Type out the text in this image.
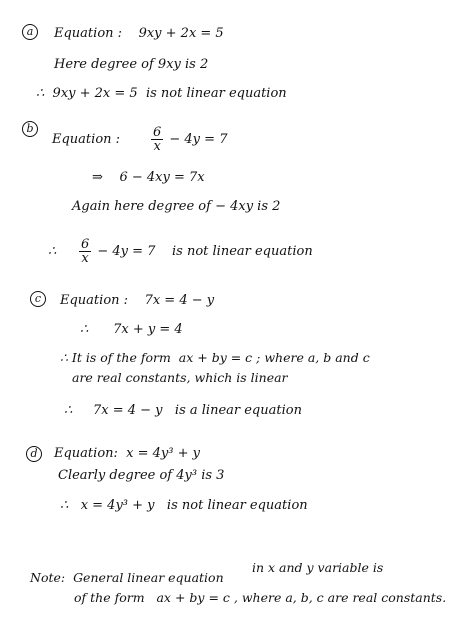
a	Equation : 9xy + 2x = 5
Here degree of 9xy is 2
∴ 9xy + 2x = 5 is not linear equation
b
Equation : $\frac{6}{x} - 4y = 7$
⇒ 6 − 4xy = 7x
Again here degree of − 4xy is 2
∴ $\frac{6}{x} - 4y = 7$ is not linear equation
c	Equation : 7x = 4 − y
∴ 7x + y = 4
∴ It is of the form ax + by = c ; where a, b and c
are real constants, which is linear
∴ 7x = 4 − y is a linear equation
d	Equation: x = 4y³ + y
Clearly degree of 4y³ is 3
∴ x = 4y³ + y is not linear equation
Note: General linear equation
in x and y variable is
of the form ax + by = c , where a, b, c are real constants.
